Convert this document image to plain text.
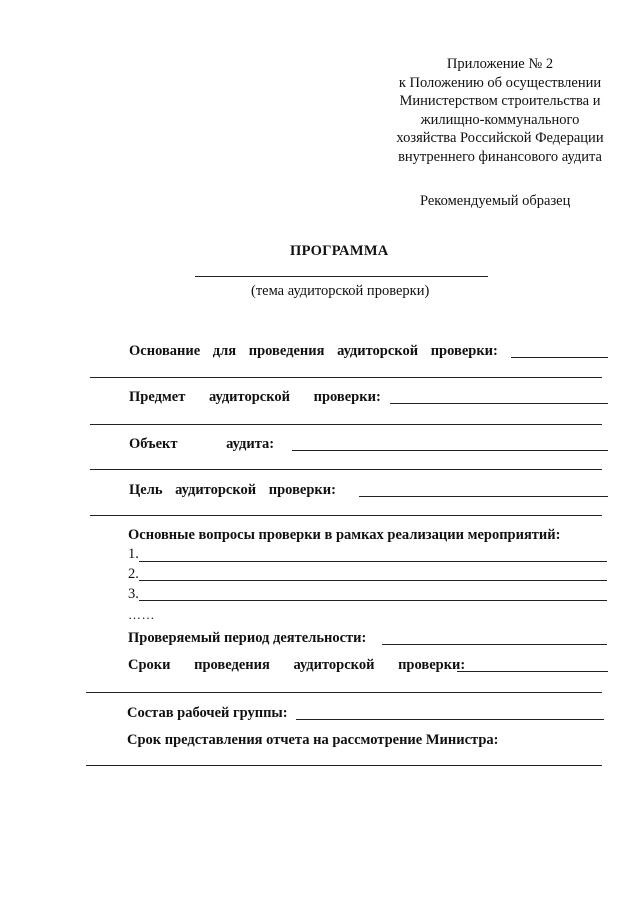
Приложение № 2
к Положению об осуществлении
Министерством строительства и
жилищно-коммунального
хозяйства Российской Федерации
внутреннего финансового аудита
Рекомендуемый образец
ПРОГРАММА
(тема аудиторской проверки)
Основание для проведения аудиторской проверки:
Предмет аудиторской проверки:
Объект аудита:
Цель аудиторской проверки:
Основные вопросы проверки в рамках реализации мероприятий:
1.
2.
3.
……
Проверяемый период деятельности:
Сроки проведения аудиторской проверки:
Состав рабочей группы:
Срок представления отчета на рассмотрение Министра:
